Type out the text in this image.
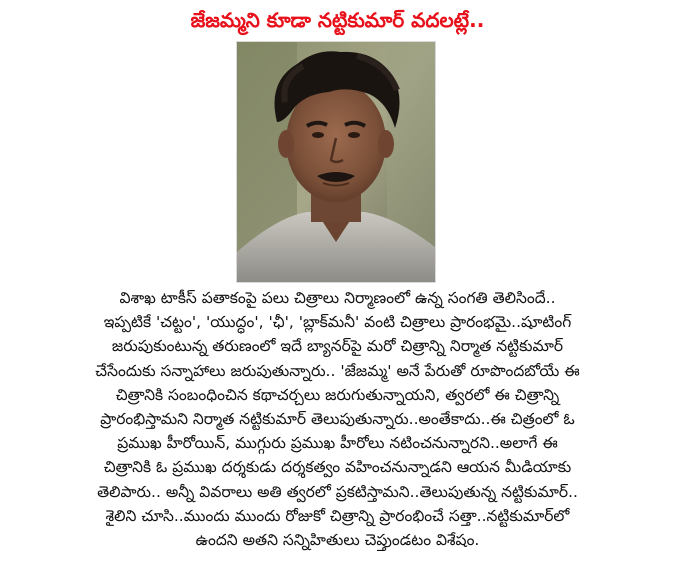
జేజమ్మని కూడా నట్టికుమార్ వదలట్లే..
విశాఖ టాకీస్ పతాకంపై పలు చిత్రాలు నిర్మాణంలో ఉన్న సంగతి తెలిసిందే..
ఇప్పటికే 'చట్టం', 'యుద్ధం', 'ఛీ', 'బ్లాక్‌మనీ' వంటి చిత్రాలు ప్రారంభమై..షూటింగ్
జరుపుకుంటున్న తరుణంలో ఇదే బ్యానర్‌పై మరో చిత్రాన్ని నిర్మాత నట్టికుమార్
చేసేందుకు సన్నాహాలు జరుపుతున్నారు.. 'జేజమ్మ' అనే పేరుతో రూపొందబోయే ఈ
చిత్రానికి సంబంధించిన కథాచర్చలు జరుగుతున్నాయని, త్వరలో ఈ చిత్రాన్ని
ప్రారంభిస్తామని నిర్మాత నట్టికుమార్ తెలుపుతున్నారు..అంతేకాదు..ఈ చిత్రంలో ఓ
ప్రముఖ హీరోయిన్, ముగ్గురు ప్రముఖ హీరోలు నటించనున్నారని..అలాగే ఈ
చిత్రానికి ఓ ప్రముఖ దర్శకుడు దర్శకత్వం వహించనున్నాడని ఆయన మీడియాకు
తెలిపారు.. అన్నీ వివరాలు అతి త్వరలో ప్రకటిస్తామని..తెలుపుతున్న నట్టికుమార్..
శైలిని చూసి..ముందు ముందు రోజుకో చిత్రాన్ని ప్రారంభించే సత్తా..నట్టికుమార్‌లో
ఉందని అతని సన్నిహితులు చెప్తుండటం విశేషం.
